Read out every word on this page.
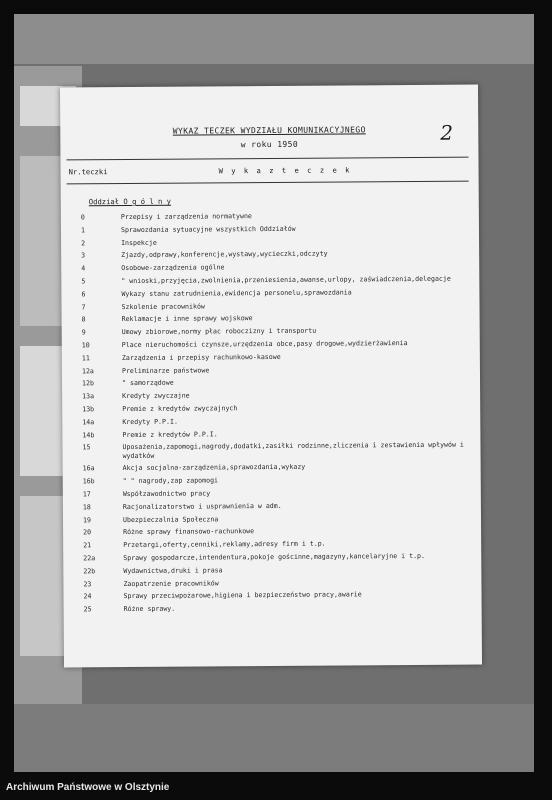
2
WYKAZ TECZEK WYDZIAŁU KOMUNIKACYJNEGO
w roku 1950
Nr.teczki	W y k a z t e c z e k
Oddział O g ó l n y
0	Przepisy i zarządzenia normatywne
1	Sprawozdania sytuacyjne wszystkich Oddziałów
2	Inspekcje
3	Zjazdy,odprawy,konferencje,wystawy,wycieczki,odczyty
4	Osobowe-zarządzenia ogólne
5	" wnioski,przyjęcia,zwolnienia,przeniesienia,awanse,urlopy, zaświadczenia,delegacje
6	Wykazy stanu zatrudnienia,ewidencja personelu,sprawozdania
7	Szkolenie pracowników
8	Reklamacje i inne sprawy wojskowe
9	Umowy zbiorowe,normy płac roboczizny i transportu
10	Place nieruchomości czynsze,urzędzenia obce,pasy drogowe,wydzierżawienia
11	Zarządzenia i przepisy rachunkowo-kasowe
12a	Preliminarze państwowe
12b	" samorządowe
13a	Kredyty zwyczajne
13b	Premie z kredytów zwyczajnych
14a	Kredyty P.P.I.
14b	Premie z kredytów P.P.I.
15	Uposażenia,zapomogi,nagrody,dodatki,zasiłki rodzinne,zliczenia i zestawienia wpływów i wydatków
16a	Akcja socjalna-zarządzenia,sprawozdania,wykazy
16b	" " nagrody,zap zapomogi
17	Współzawodnictwo pracy
18	Racjonalizatorstwo i usprawnienia w adm.
19	Ubezpieczalnia Społeczna
20	Różne sprawy finansowo-rachunkowe
21	Przetargi,oferty,cenniki,reklamy,adresy firm i t.p.
22a	Sprawy gospodarcze,intendentura,pokoje gościnne,magazyny,kancelaryjne i t.p.
22b	Wydawnictwa,druki i prasa
23	Zaopatrzenie pracowników
24	Sprawy przeciwpożarowe,higiena i bezpieczeństwo pracy,awarie
25	Różne sprawy.
Archiwum Państwowe w Olsztynie
